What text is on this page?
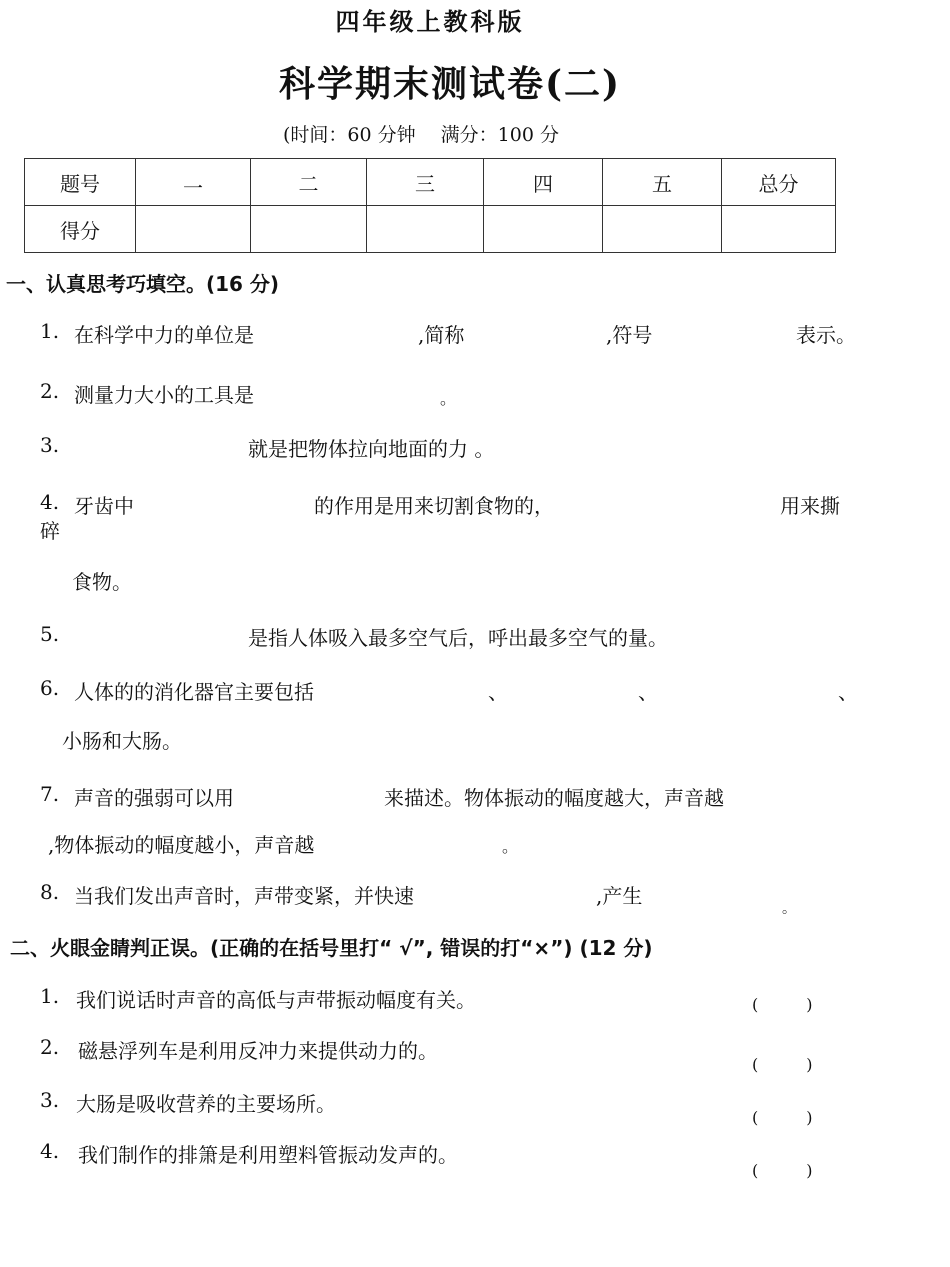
四年级上教科版
科学期末测试卷(二)
(时间：60 分钟　 满分：100 分
题号	一	二	三	四	五	总分
得分						
一、认真思考巧填空。(16 分)
1. 在科学中力的单位是	,简称	,符号	表示。
2. 测量力大小的工具是	。
3.	就是把物体拉向地面的力 。
4. 牙齿中	的作用是用来切割食物的，	用来撕
碎
食物。
5.	是指人体吸入最多空气后，呼出最多空气的量。
6. 人体的的消化器官主要包括	、	、	、
小肠和大肠。
7. 声音的强弱可以用	来描述。物体振动的幅度越大，声音越
,物体振动的幅度越小，声音越	。
8. 当我们发出声音时，声带变紧，并快速	,产生
。
二、火眼金睛判正误。(正确的在括号里打“ √”, 错误的打“×”) (12 分)
1. 我们说话时声音的高低与声带振动幅度有关。	(　　　)
2. 磁悬浮列车是利用反冲力来提供动力的。
(　　　)
3. 大肠是吸收营养的主要场所。
(　　　)
4. 我们制作的排箫是利用塑料管振动发声的。
(　　　)
